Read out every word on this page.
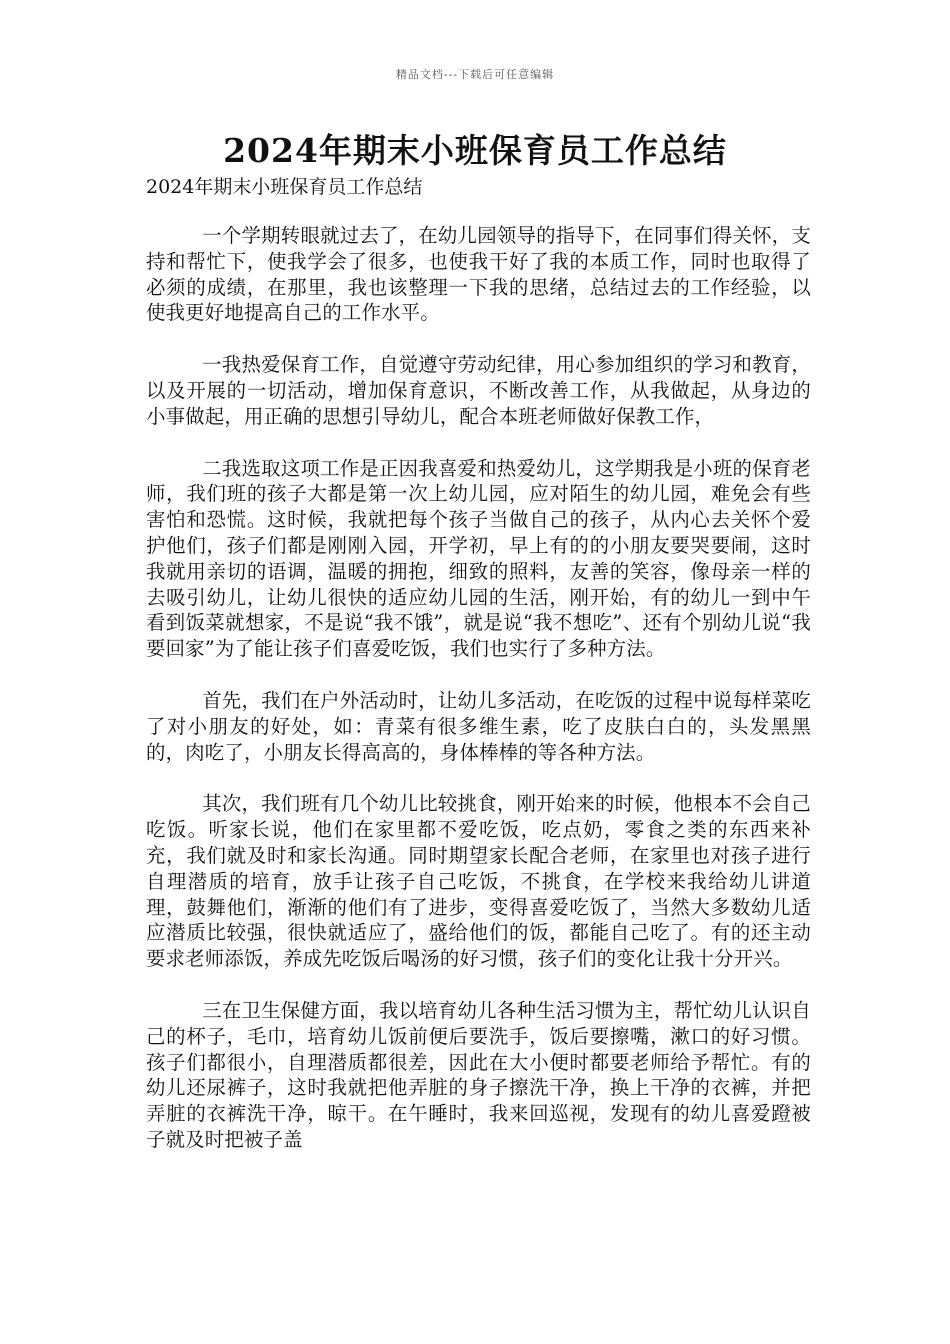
精品文档---下载后可任意编辑
2024年期末小班保育员工作总结
2024年期末小班保育员工作总结

一个学期转眼就过去了，在幼儿园领导的指导下，在同事们得关怀，支持和帮忙下，使我学会了很多，也使我干好了我的本质工作，同时也取得了必须的成绩，在那里，我也该整理一下我的思绪，总结过去的工作经验，以使我更好地提高自己的工作水平。

一我热爱保育工作，自觉遵守劳动纪律，用心参加组织的学习和教育，以及开展的一切活动，增加保育意识，不断改善工作，从我做起，从身边的小事做起，用正确的思想引导幼儿，配合本班老师做好保教工作，

二我选取这项工作是正因我喜爱和热爱幼儿，这学期我是小班的保育老师，我们班的孩子大都是第一次上幼儿园，应对陌生的幼儿园，难免会有些害怕和恐慌。这时候，我就把每个孩子当做自己的孩子，从内心去关怀个爱护他们，孩子们都是刚刚入园，开学初，早上有的的小朋友要哭要闹，这时我就用亲切的语调，温暖的拥抱，细致的照料，友善的笑容，像母亲一样的去吸引幼儿，让幼儿很快的适应幼儿园的生活，刚开始，有的幼儿一到中午看到饭菜就想家，不是说“我不饿”，就是说“我不想吃”、还有个别幼儿说“我要回家”为了能让孩子们喜爱吃饭，我们也实行了多种方法。

首先，我们在户外活动时，让幼儿多活动，在吃饭的过程中说每样菜吃了对小朋友的好处，如：青菜有很多维生素，吃了皮肤白白的，头发黑黑的，肉吃了，小朋友长得高高的，身体棒棒的等各种方法。

其次，我们班有几个幼儿比较挑食，刚开始来的时候，他根本不会自己吃饭。听家长说，他们在家里都不爱吃饭，吃点奶，零食之类的东西来补充，我们就及时和家长沟通。同时期望家长配合老师，在家里也对孩子进行自理潜质的培育，放手让孩子自己吃饭，不挑食，在学校来我给幼儿讲道理，鼓舞他们，渐渐的他们有了进步，变得喜爱吃饭了，当然大多数幼儿适应潜质比较强，很快就适应了，盛给他们的饭，都能自己吃了。有的还主动要求老师添饭，养成先吃饭后喝汤的好习惯，孩子们的变化让我十分开兴。

三在卫生保健方面，我以培育幼儿各种生活习惯为主，帮忙幼儿认识自己的杯子，毛巾，培育幼儿饭前便后要洗手，饭后要擦嘴，漱口的好习惯。孩子们都很小，自理潜质都很差，因此在大小便时都要老师给予帮忙。有的幼儿还尿裤子，这时我就把他弄脏的身子擦洗干净，换上干净的衣裤，并把弄脏的衣裤洗干净，晾干。在午睡时，我来回巡视，发现有的幼儿喜爱蹬被子就及时把被子盖
